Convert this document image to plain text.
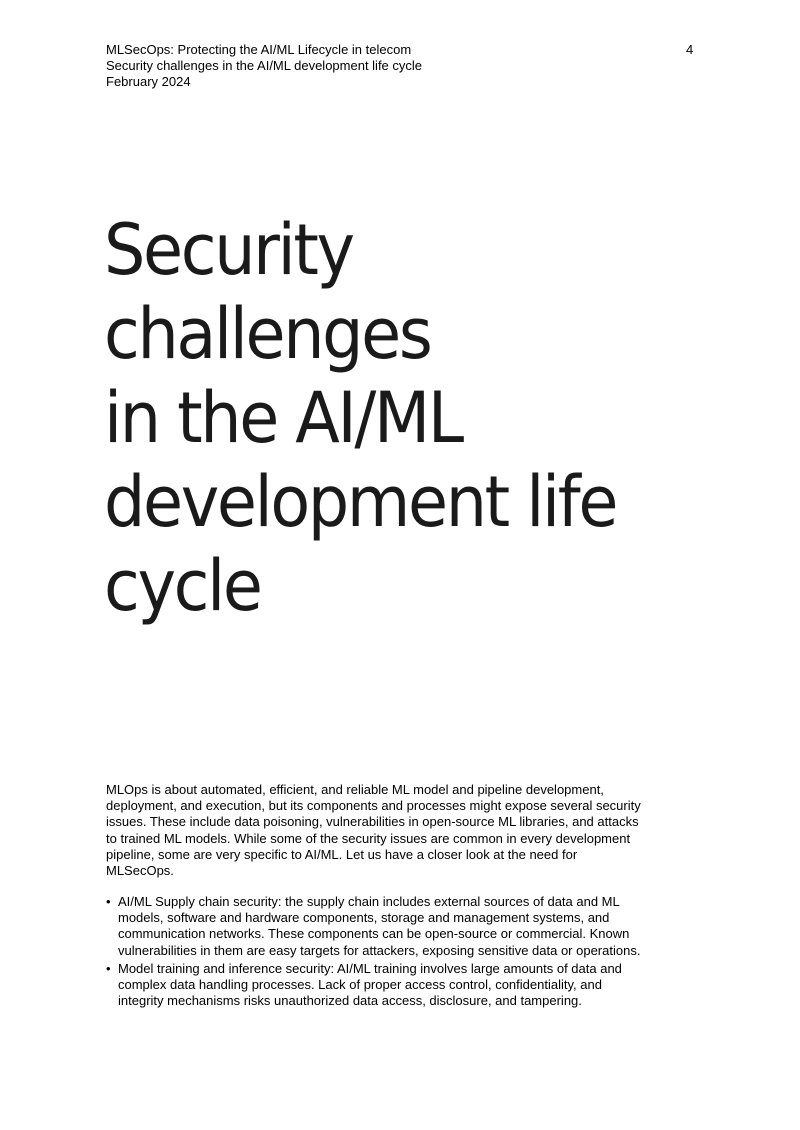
MLSecOps: Protecting the AI/ML Lifecycle in telecom
Security challenges in the AI/ML development life cycle
February 2024
4
Security
challenges
in the AI/ML
development life
cycle

MLOps is about automated, efficient, and reliable ML model and pipeline development, deployment, and execution, but its components and processes might expose several security issues. These include data poisoning, vulnerabilities in open-source ML libraries, and attacks to trained ML models. While some of the security issues are common in every development pipeline, some are very specific to AI/ML. Let us have a closer look at the need for MLSecOps.

• AI/ML Supply chain security: the supply chain includes external sources of data and ML models, software and hardware components, storage and management systems, and communication networks. These components can be open-source or commercial. Known vulnerabilities in them are easy targets for attackers, exposing sensitive data or operations.
• Model training and inference security: AI/ML training involves large amounts of data and complex data handling processes. Lack of proper access control, confidentiality, and integrity mechanisms risks unauthorized data access, disclosure, and tampering.
